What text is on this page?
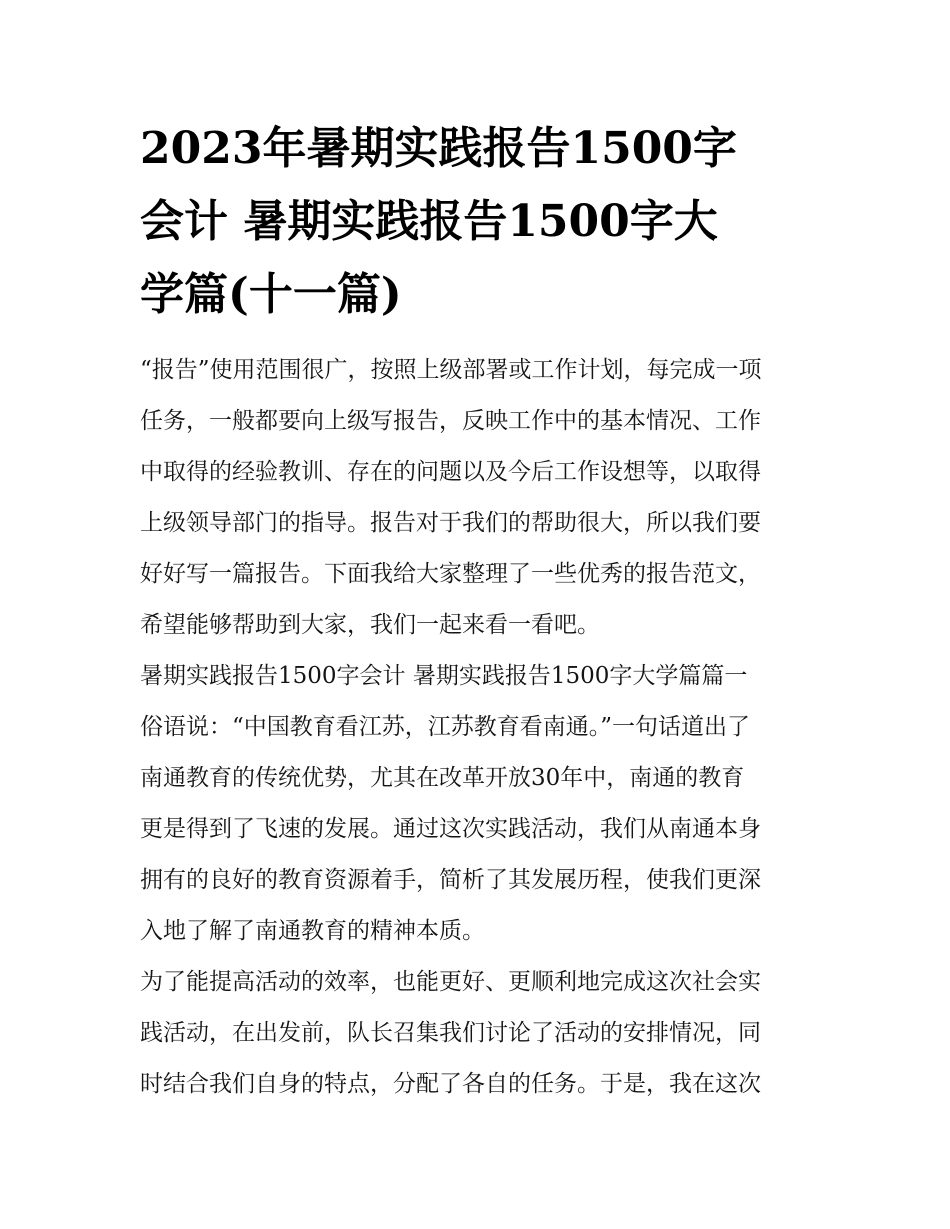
2023年暑期实践报告1500字
会计 暑期实践报告1500字大
学篇(十一篇)

“报告”使用范围很广，按照上级部署或工作计划，每完成一项
任务，一般都要向上级写报告，反映工作中的基本情况、工作
中取得的经验教训、存在的问题以及今后工作设想等，以取得
上级领导部门的指导。报告对于我们的帮助很大，所以我们要
好好写一篇报告。下面我给大家整理了一些优秀的报告范文，
希望能够帮助到大家，我们一起来看一看吧。

暑期实践报告1500字会计 暑期实践报告1500字大学篇篇一

俗语说：“中国教育看江苏，江苏教育看南通。”一句话道出了
南通教育的传统优势，尤其在改革开放30年中，南通的教育
更是得到了飞速的发展。通过这次实践活动，我们从南通本身
拥有的良好的教育资源着手，简析了其发展历程，使我们更深
入地了解了南通教育的精神本质。

为了能提高活动的效率，也能更好、更顺利地完成这次社会实
践活动，在出发前，队长召集我们讨论了活动的安排情况，同
时结合我们自身的特点，分配了各自的任务。于是，我在这次
